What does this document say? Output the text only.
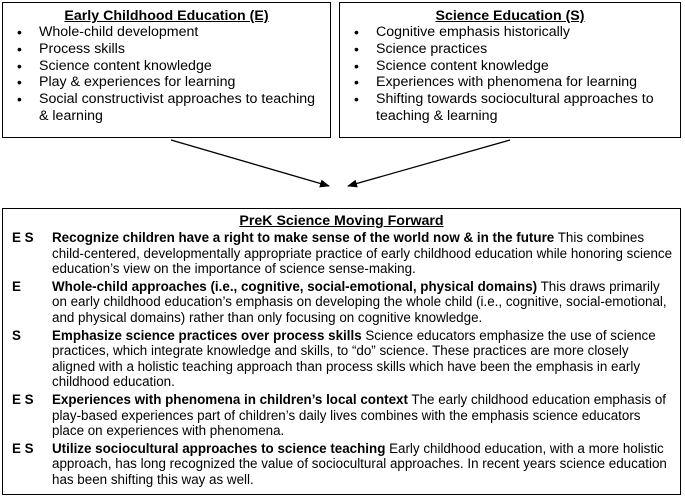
Early Childhood Education (E)
• Whole-child development
• Process skills
• Science content knowledge
• Play & experiences for learning
• Social constructivist approaches to teaching & learning
Science Education (S)
• Cognitive emphasis historically
• Science practices
• Science content knowledge
• Experiences with phenomena for learning
• Shifting towards sociocultural approaches to teaching & learning
PreK Science Moving Forward
E S Recognize children have a right to make sense of the world now & in the future This combines child-centered, developmentally appropriate practice of early childhood education while honoring science education’s view on the importance of science sense-making.
E Whole-child approaches (i.e., cognitive, social-emotional, physical domains) This draws primarily on early childhood education’s emphasis on developing the whole child (i.e., cognitive, social-emotional, and physical domains) rather than only focusing on cognitive knowledge.
S Emphasize science practices over process skills Science educators emphasize the use of science practices, which integrate knowledge and skills, to “do” science. These practices are more closely aligned with a holistic teaching approach than process skills which have been the emphasis in early childhood education.
E S Experiences with phenomena in children’s local context The early childhood education emphasis of play-based experiences part of children’s daily lives combines with the emphasis science educators place on experiences with phenomena.
E S Utilize sociocultural approaches to science teaching Early childhood education, with a more holistic approach, has long recognized the value of sociocultural approaches. In recent years science education has been shifting this way as well.
